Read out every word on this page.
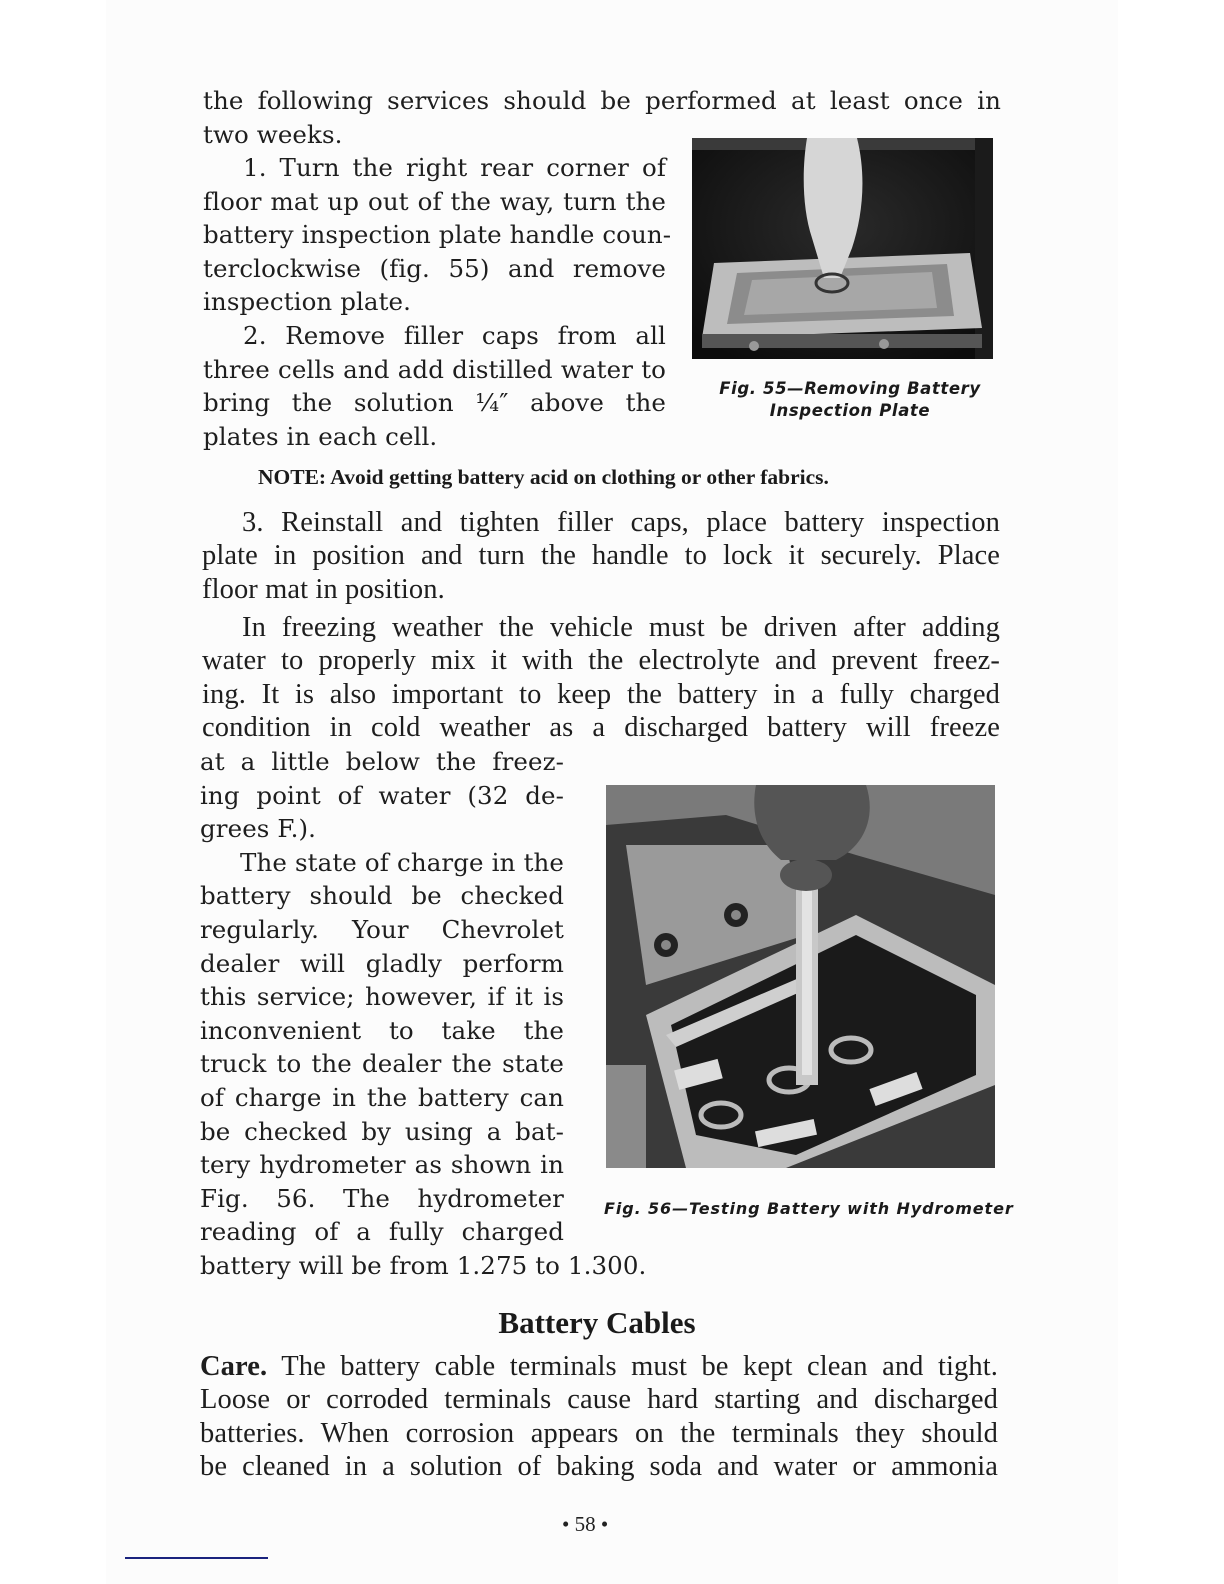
the following services should be performed at least once in
two weeks.
1. Turn the right rear corner of
floor mat up out of the way, turn the
battery inspection plate handle coun-
terclockwise (fig. 55) and remove
inspection plate.
2. Remove filler caps from all
three cells and add distilled water to
bring the solution ¼″ above the
plates in each cell.
Fig. 55—Removing Battery
Inspection Plate
NOTE: Avoid getting battery acid on clothing or other fabrics.
3. Reinstall and tighten filler caps, place battery inspection
plate in position and turn the handle to lock it securely. Place
floor mat in position.
In freezing weather the vehicle must be driven after adding
water to properly mix it with the electrolyte and prevent freez-
ing. It is also important to keep the battery in a fully charged
condition in cold weather as a discharged battery will freeze
at a little below the freez-
ing point of water (32 de-
grees F.).
The state of charge in the
battery should be checked
regularly. Your Chevrolet
dealer will gladly perform
this service; however, if it is
inconvenient to take the
truck to the dealer the state
of charge in the battery can
be checked by using a bat-
tery hydrometer as shown in
Fig. 56. The hydrometer
reading of a fully charged
battery will be from 1.275 to 1.300.
Fig. 56—Testing Battery with Hydrometer
Battery Cables
Care. The battery cable terminals must be kept clean and tight.
Loose or corroded terminals cause hard starting and discharged
batteries. When corrosion appears on the terminals they should
be cleaned in a solution of baking soda and water or ammonia
• 58 •
